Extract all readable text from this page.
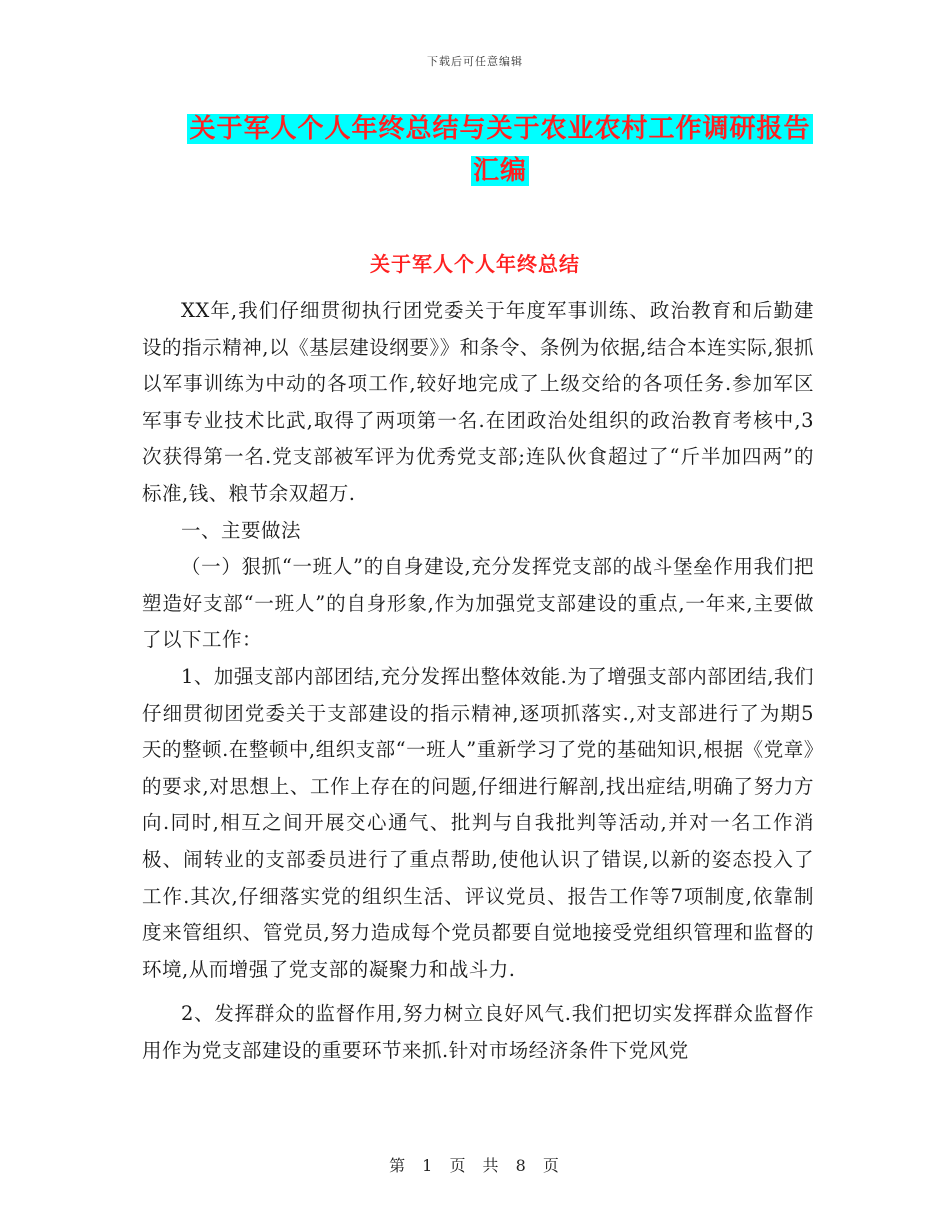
下载后可任意编辑
关于军人个人年终总结与关于农业农村工作调研报告
汇编
关于军人个人年终总结

XX年,我们仔细贯彻执行团党委关于年度军事训练、政治教育和后勤建设的指示精神,以《基层建设纲要》》和条令、条例为依据,结合本连实际,狠抓以军事训练为中动的各项工作,较好地完成了上级交给的各项任务.参加军区军事专业技术比武,取得了两项第一名.在团政治处组织的政治教育考核中,3次获得第一名.党支部被军评为优秀党支部;连队伙食超过了“斤半加四两”的标准,钱、粮节余双超万.

一、主要做法

（一）狠抓“一班人”的自身建设,充分发挥党支部的战斗堡垒作用我们把塑造好支部“一班人”的自身形象,作为加强党支部建设的重点,一年来,主要做了以下工作：

1、加强支部内部团结,充分发挥出整体效能.为了增强支部内部团结,我们仔细贯彻团党委关于支部建设的指示精神,逐项抓落实.,对支部进行了为期5天的整顿.在整顿中,组织支部“一班人”重新学习了党的基础知识,根据《党章》的要求,对思想上、工作上存在的问题,仔细进行解剖,找出症结,明确了努力方向.同时,相互之间开展交心通气、批判与自我批判等活动,并对一名工作消极、闹转业的支部委员进行了重点帮助,使他认识了错误,以新的姿态投入了工作.其次,仔细落实党的组织生活、评议党员、报告工作等7项制度,依靠制度来管组织、管党员,努力造成每个党员都要自觉地接受党组织管理和监督的环境,从而增强了党支部的凝聚力和战斗力.

2、发挥群众的监督作用,努力树立良好风气.我们把切实发挥群众监督作用作为党支部建设的重要环节来抓.针对市场经济条件下党风党

第 1 页 共 8 页
